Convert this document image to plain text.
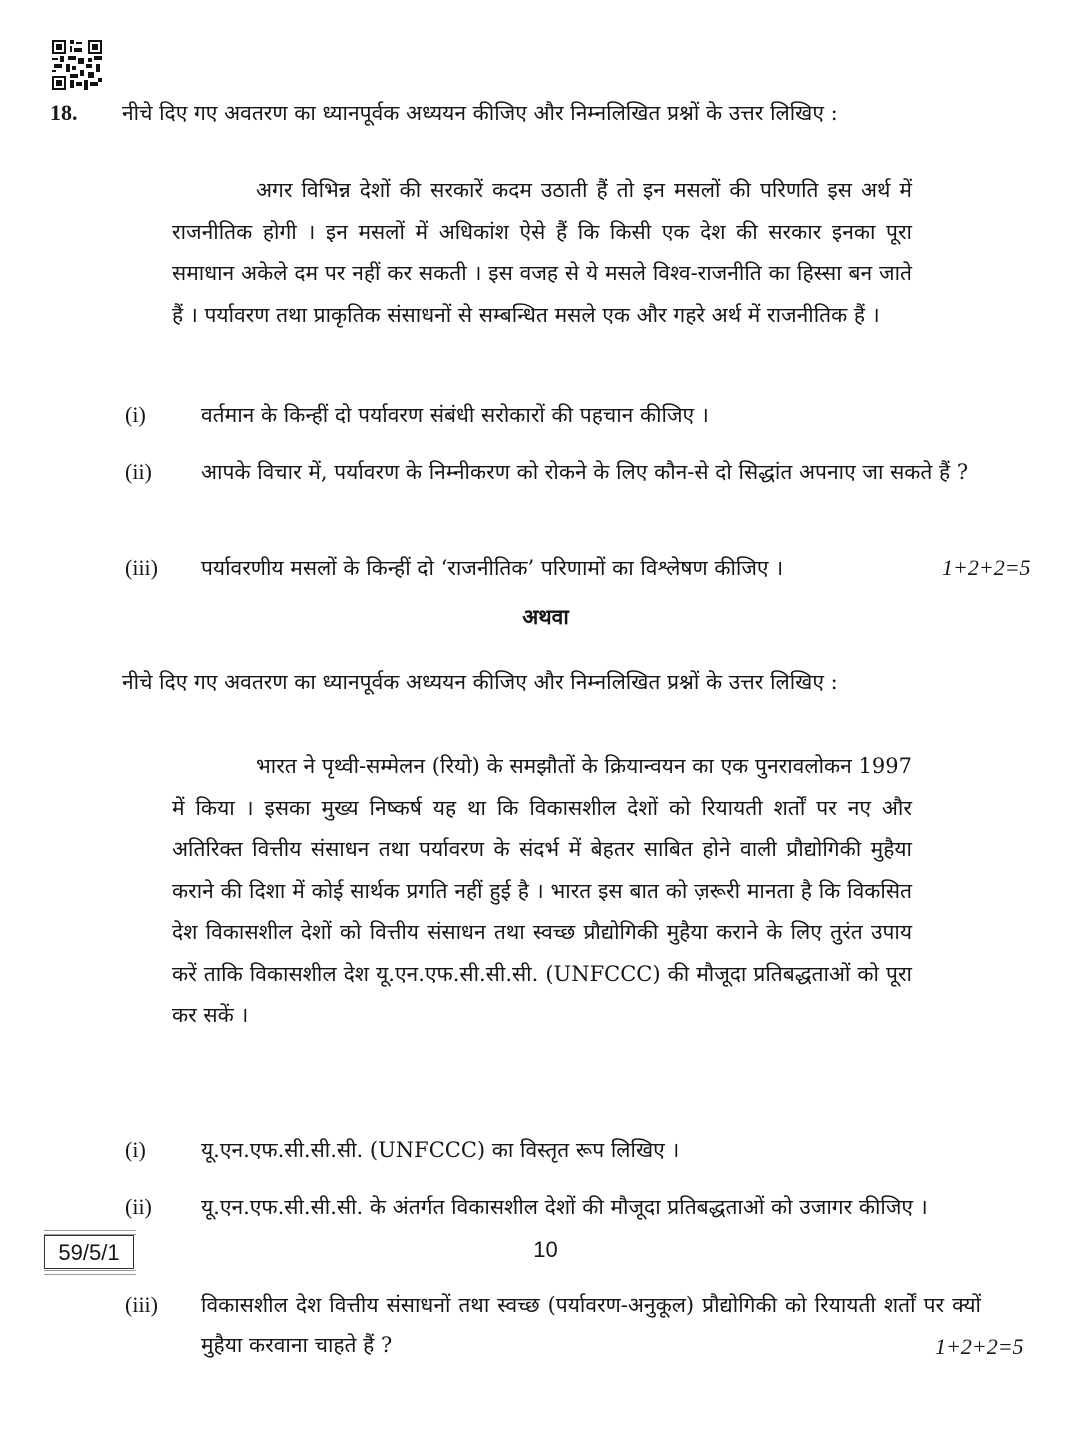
18. नीचे दिए गए अवतरण का ध्यानपूर्वक अध्ययन कीजिए और निम्नलिखित प्रश्नों के उत्तर लिखिए :
अगर विभिन्न देशों की सरकारें कदम उठाती हैं तो इन मसलों की परिणति इस अर्थ में राजनीतिक होगी । इन मसलों में अधिकांश ऐसे हैं कि किसी एक देश की सरकार इनका पूरा समाधान अकेले दम पर नहीं कर सकती । इस वजह से ये मसले विश्व-राजनीति का हिस्सा बन जाते हैं । पर्यावरण तथा प्राकृतिक संसाधनों से सम्बन्धित मसले एक और गहरे अर्थ में राजनीतिक हैं ।
(i)	वर्तमान के किन्हीं दो पर्यावरण संबंधी सरोकारों की पहचान कीजिए ।
(ii) आपके विचार में, पर्यावरण के निम्नीकरण को रोकने के लिए कौन-से दो सिद्धांत अपनाए जा सकते हैं ?
(iii) पर्यावरणीय मसलों के किन्हीं दो ‘राजनीतिक’ परिणामों का विश्लेषण कीजिए ।	1+2+2=5
अथवा
नीचे दिए गए अवतरण का ध्यानपूर्वक अध्ययन कीजिए और निम्नलिखित प्रश्नों के उत्तर लिखिए :
भारत ने पृथ्वी-सम्मेलन (रियो) के समझौतों के क्रियान्वयन का एक पुनरावलोकन 1997 में किया । इसका मुख्य निष्कर्ष यह था कि विकासशील देशों को रियायती शर्तों पर नए और अतिरिक्त वित्तीय संसाधन तथा पर्यावरण के संदर्भ में बेहतर साबित होने वाली प्रौद्योगिकी मुहैया कराने की दिशा में कोई सार्थक प्रगति नहीं हुई है । भारत इस बात को ज़रूरी मानता है कि विकसित देश विकासशील देशों को वित्तीय संसाधन तथा स्वच्छ प्रौद्योगिकी मुहैया कराने के लिए तुरंत उपाय करें ताकि विकासशील देश यू.एन.एफ.सी.सी.सी. (UNFCCC) की मौजूदा प्रतिबद्धताओं को पूरा कर सकें ।
(i)	यू.एन.एफ.सी.सी.सी. (UNFCCC) का विस्तृत रूप लिखिए ।
(ii) यू.एन.एफ.सी.सी.सी. के अंतर्गत विकासशील देशों की मौजूदा प्रतिबद्धताओं को उजागर कीजिए ।
(iii) विकासशील देश वित्तीय संसाधनों तथा स्वच्छ (पर्यावरण-अनुकूल) प्रौद्योगिकी को रियायती शर्तों पर क्यों मुहैया करवाना चाहते हैं ?	1+2+2=5
59/5/1	10
